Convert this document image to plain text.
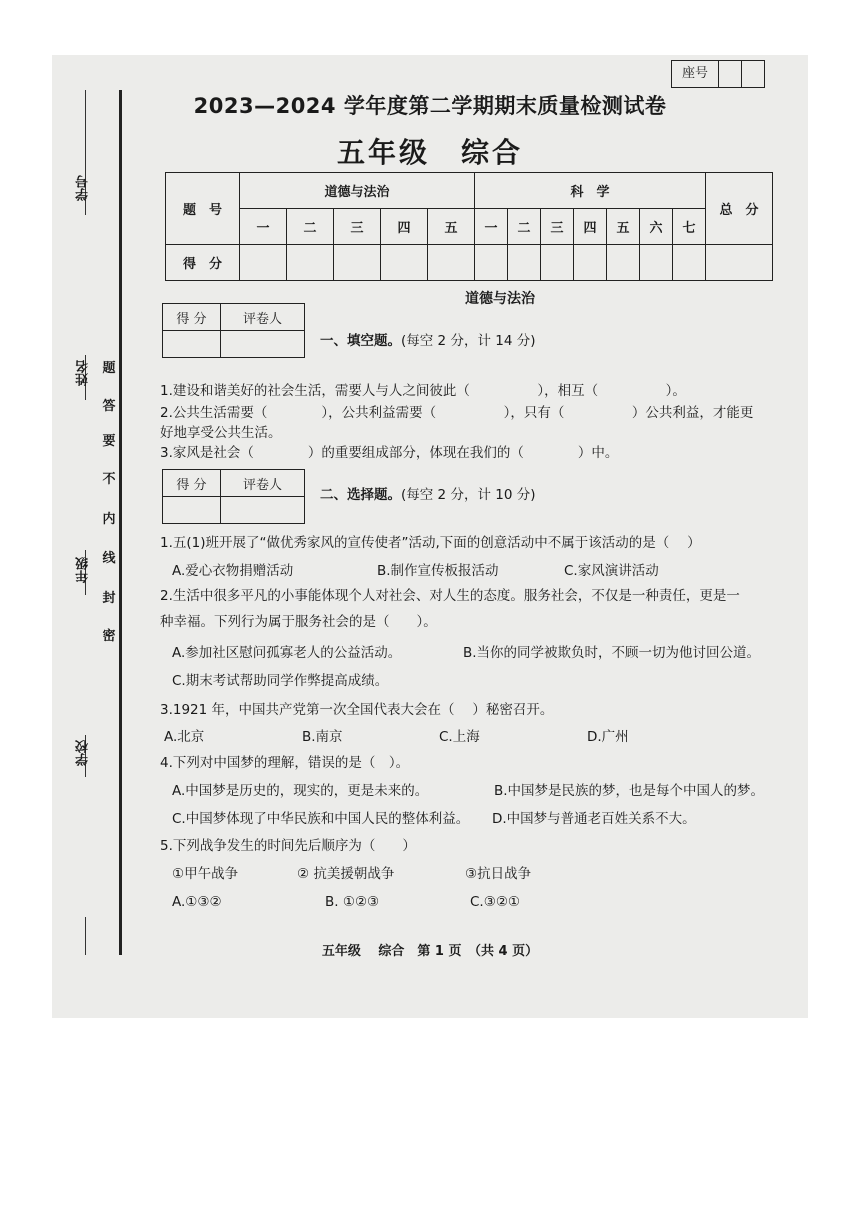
座号
学号
姓名
年级
学校
题
答
要
不
内
线
封
密
2023—2024 学年度第二学期期末质量检测试卷
五年级　综合
题　号	道德与法治					科　学							总　分
	一	二	三	四	五	一	二	三	四	五	六	七	
得　分													
道德与法治
得 分	评卷人

一、填空题。(每空 2 分，计 14 分)
1.建设和谐美好的社会生活，需要人与人之间彼此（　　　　　），相互（　　　　　）。
2.公共生活需要（　　　　），公共利益需要（　　　　　），只有（　　　　　）公共利益，才能更
好地享受公共生活。
3.家风是社会（　　　　）的重要组成部分，体现在我们的（　　　　）中。
得 分	评卷人

二、选择题。(每空 2 分，计 10 分)
1.五(1)班开展了“做优秀家风的宣传使者”活动,下面的创意活动中不属于该活动的是（　 ）
A.爱心衣物捐赠活动	B.制作宣传板报活动	C.家风演讲活动
2.生活中很多平凡的小事能体现个人对社会、对人生的态度。服务社会，不仅是一种责任，更是一
种幸福。下列行为属于服务社会的是（　　）。
A.参加社区慰问孤寡老人的公益活动。	B.当你的同学被欺负时，不顾一切为他讨回公道。
C.期末考试帮助同学作弊提高成绩。
3.1921 年，中国共产党第一次全国代表大会在（　 ）秘密召开。
A.北京	B.南京	C.上海	D.广州
4.下列对中国梦的理解，错误的是（　）。
A.中国梦是历史的，现实的，更是未来的。	B.中国梦是民族的梦，也是每个中国人的梦。
C.中国梦体现了中华民族和中国人民的整体利益。 D.中国梦与普通老百姓关系不大。
5.下列战争发生的时间先后顺序为（　　）
①甲午战争	② 抗美援朝战争	③抗日战争
A.①③②	B. ①②③	C.③②①
五年级　 综合　第 1 页　（共 4 页）
